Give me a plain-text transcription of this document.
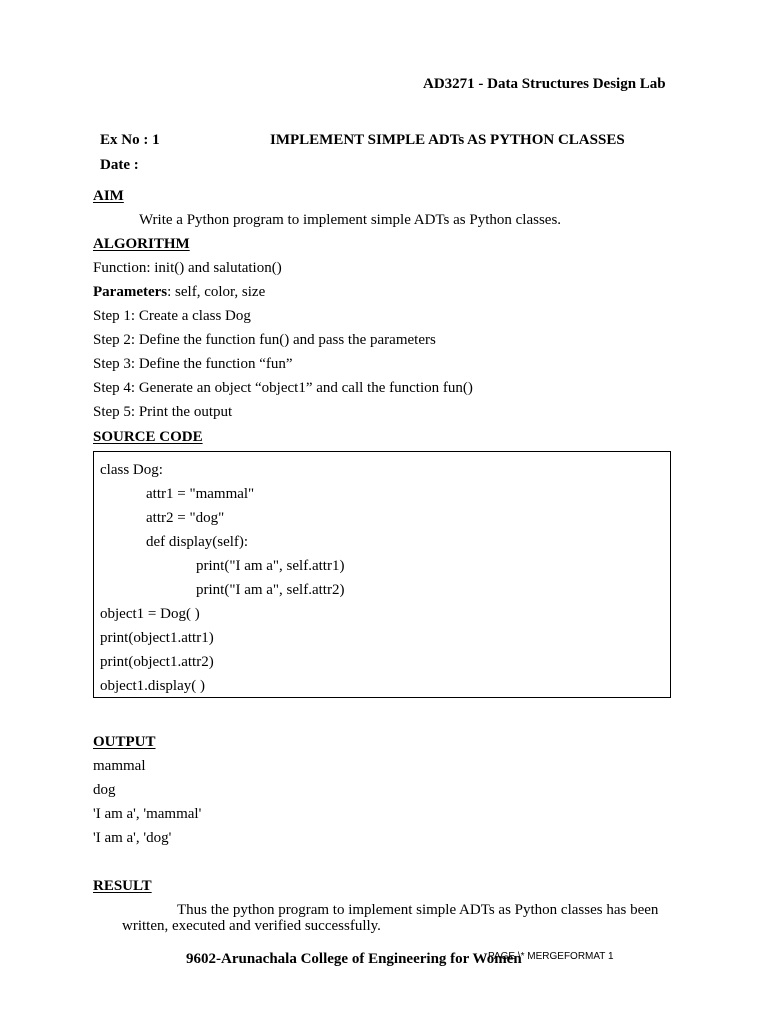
AD3271 - Data Structures Design Lab
Ex No : 1	IMPLEMENT SIMPLE ADTs AS PYTHON CLASSES
Date :
AIM
Write a Python program to implement simple ADTs as Python classes.
ALGORITHM
Function: init() and salutation()
Parameters: self, color, size
Step 1: Create a class Dog
Step 2: Define the function fun() and pass the parameters
Step 3: Define the function “fun”
Step 4: Generate an object “object1” and call the function fun()
Step 5: Print the output
SOURCE CODE
class Dog:
attr1 = "mammal"
attr2 = "dog"
def display(self):
print("I am a", self.attr1)
print("I am a", self.attr2)
object1 = Dog( )
print(object1.attr1)
print(object1.attr2)
object1.display( )
OUTPUT
mammal
dog
'I am a', 'mammal'
'I am a', 'dog'
RESULT
Thus the python program to implement simple ADTs as Python classes has been written, executed and verified successfully.
9602-Arunachala College of Engineering for Women
PAGE \* MERGEFORMAT 1
